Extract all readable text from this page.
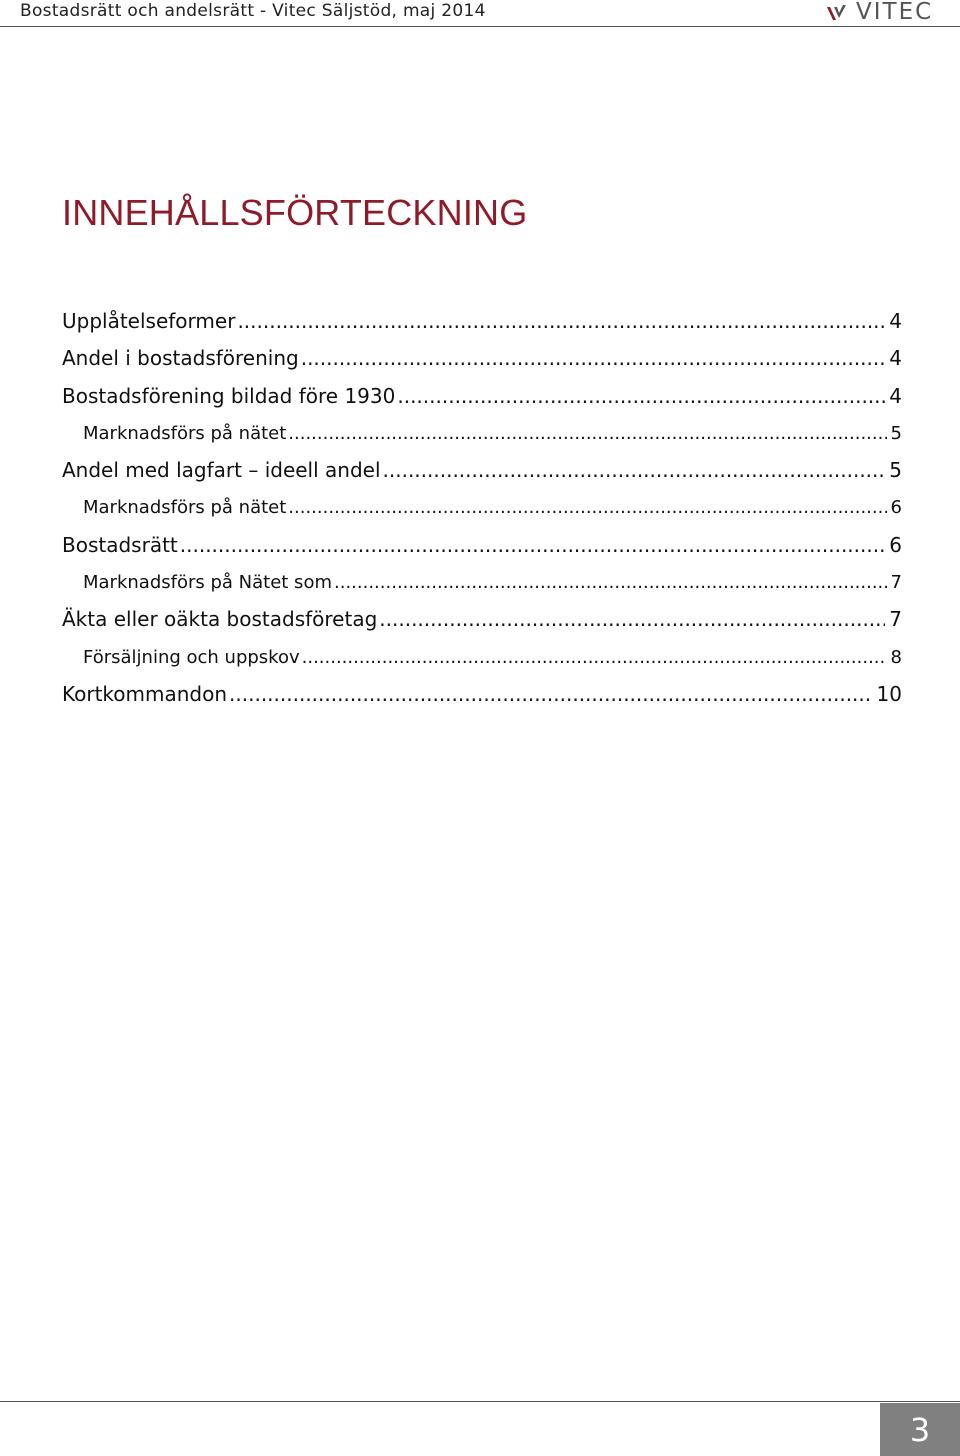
Bostadsrätt och andelsrätt - Vitec Säljstöd, maj 2014	VITEC
INNEHÅLLSFÖRTECKNING
Upplåtelseformer .....	4
Andel i bostadsförening .....	4
Bostadsförening bildad före 1930 .....	4
Marknadsförs på nätet .....	5
Andel med lagfart – ideell andel .....	5
Marknadsförs på nätet .....	6
Bostadsrätt .....	6
Marknadsförs på Nätet som .....	7
Äkta eller oäkta bostadsföretag .....	7
Försäljning och uppskov .....	8
Kortkommandon .....	10
3
